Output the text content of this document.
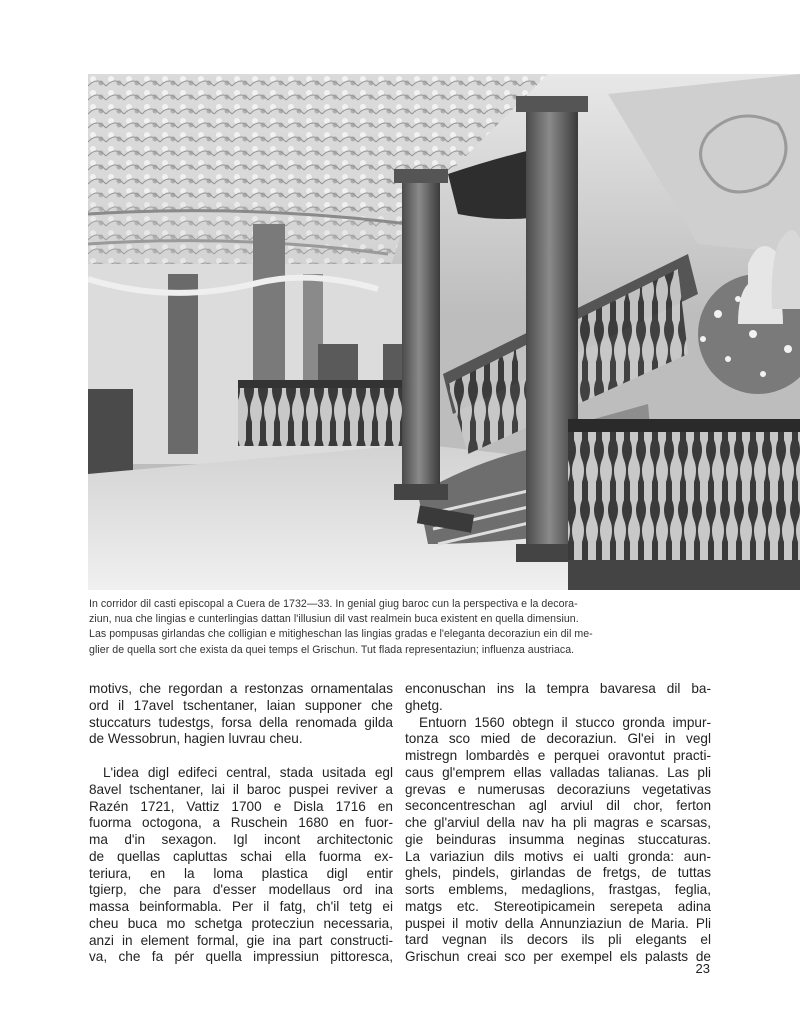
In corridor dil casti episcopal a Cuera de 1732—33. In genial giug baroc cun la perspectiva e la decora-
ziun, nua che lingias e cunterlingias dattan l'illusiun dil vast realmein buca existent en quella dimensiun.
Las pompusas girlandas che colligian e mitigheschan las lingias gradas e l'eleganta decoraziun ein dil me-
glier de quella sort che exista da quei temps el Grischun. Tut flada representaziun; influenza austriaca.

motivs, che regordan a restonzas ornamentalas
ord il 17avel tschentaner, laian supponer che
stuccaturs tudestgs, forsa della renomada gilda
de Wessobrun, hagien luvrau cheu.

L'idea digl edifeci central, stada usitada egl
8avel tschentaner, lai il baroc puspei reviver a
Razén 1721, Vattiz 1700 e Disla 1716 en
fuorma octogona, a Ruschein 1680 en fuor-
ma d'in sexagon. Igl incont architectonic
de quellas capluttas schai ella fuorma ex-
teriura, en la loma plastica digl entir
tgierp, che para d'esser modellaus ord ina
massa beinformabla. Per il fatg, ch'il tetg ei
cheu buca mo schetga protecziun necessaria,
anzi in element formal, gie ina part constructi-
va, che fa pér quella impressiun pittoresca,

enconuschan ins la tempra bavaresa dil ba-
ghetg.

Entuorn 1560 obtegn il stucco gronda impur-
tonza sco mied de decoraziun. Gl'ei in vegl
mistregn lombardès e perquei oravontut practi-
caus gl'emprem ellas valladas talianas. Las pli
grevas e numerusas decoraziuns vegetativas
seconcentreschan agl arviul dil chor, ferton
che gl'arviul della nav ha pli magras e scarsas,
gie beinduras insumma neginas stuccaturas.
La variaziun dils motivs ei ualti gronda: aun-
ghels, pindels, girlandas de fretgs, de tuttas
sorts emblems, medaglions, frastgas, feglia,
matgs etc. Stereotipicamein serepeta adina
puspei il motiv della Annunziaziun de Maria. Pli
tard vegnan ils decors ils pli elegants el
Grischun creai sco per exempel els palasts de

23
